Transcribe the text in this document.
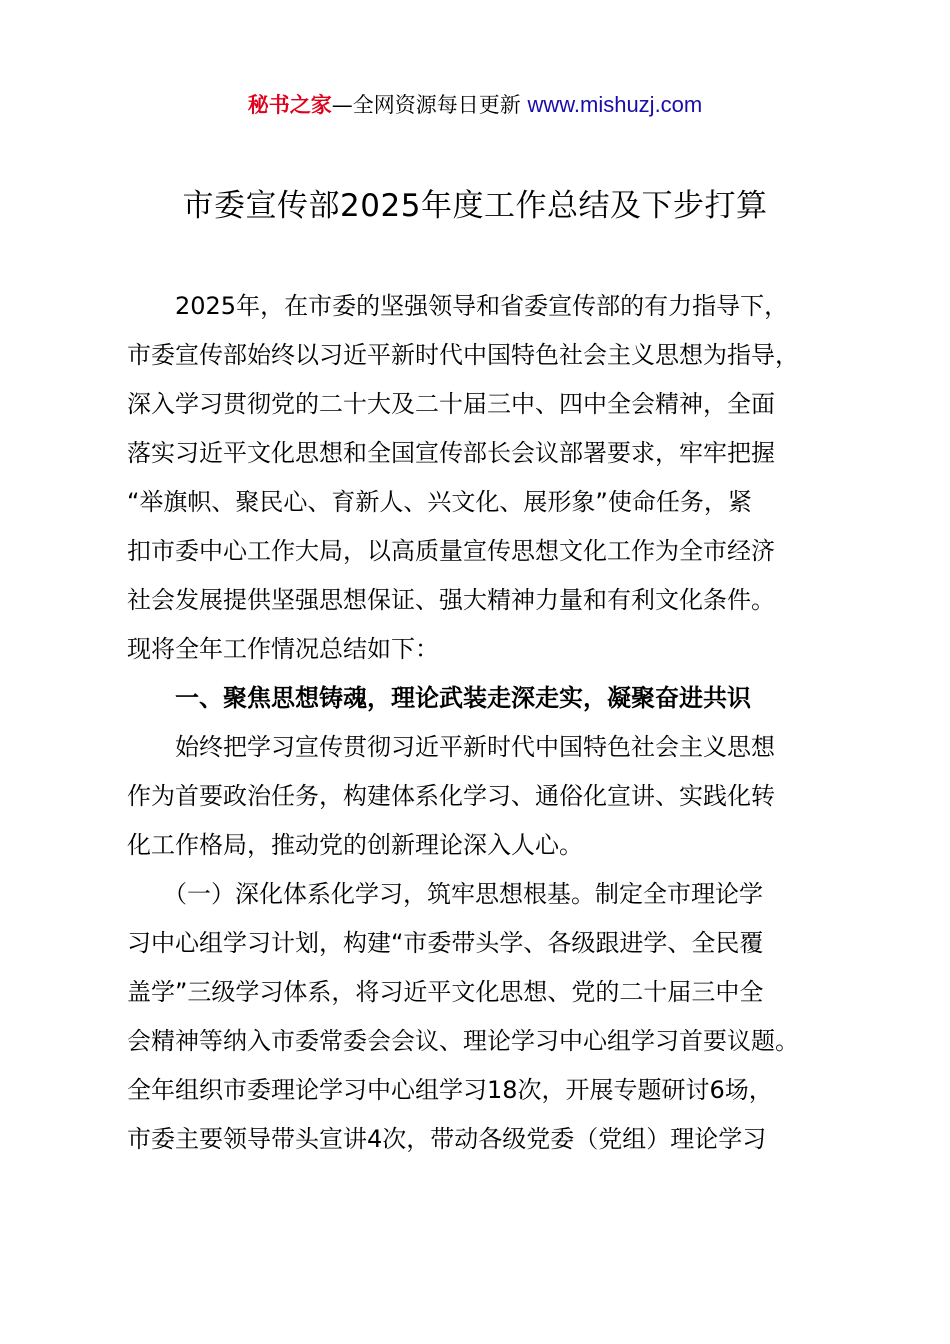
秘书之家—全网资源每日更新 www.mishuzj.com
市委宣传部2025年度工作总结及下步打算
　　2025年，在市委的坚强领导和省委宣传部的有力指导下，
市委宣传部始终以习近平新时代中国特色社会主义思想为指导，
深入学习贯彻党的二十大及二十届三中、四中全会精神，全面
落实习近平文化思想和全国宣传部长会议部署要求，牢牢把握
“举旗帜、聚民心、育新人、兴文化、展形象”使命任务，紧
扣市委中心工作大局，以高质量宣传思想文化工作为全市经济
社会发展提供坚强思想保证、强大精神力量和有利文化条件。
现将全年工作情况总结如下：
　　一、聚焦思想铸魂，理论武装走深走实，凝聚奋进共识
　　始终把学习宣传贯彻习近平新时代中国特色社会主义思想
作为首要政治任务，构建体系化学习、通俗化宣讲、实践化转
化工作格局，推动党的创新理论深入人心。
　　（一）深化体系化学习，筑牢思想根基。制定全市理论学
习中心组学习计划，构建“市委带头学、各级跟进学、全民覆
盖学”三级学习体系，将习近平文化思想、党的二十届三中全
会精神等纳入市委常委会会议、理论学习中心组学习首要议题。
全年组织市委理论学习中心组学习18次，开展专题研讨6场，
市委主要领导带头宣讲4次，带动各级党委（党组）理论学习
